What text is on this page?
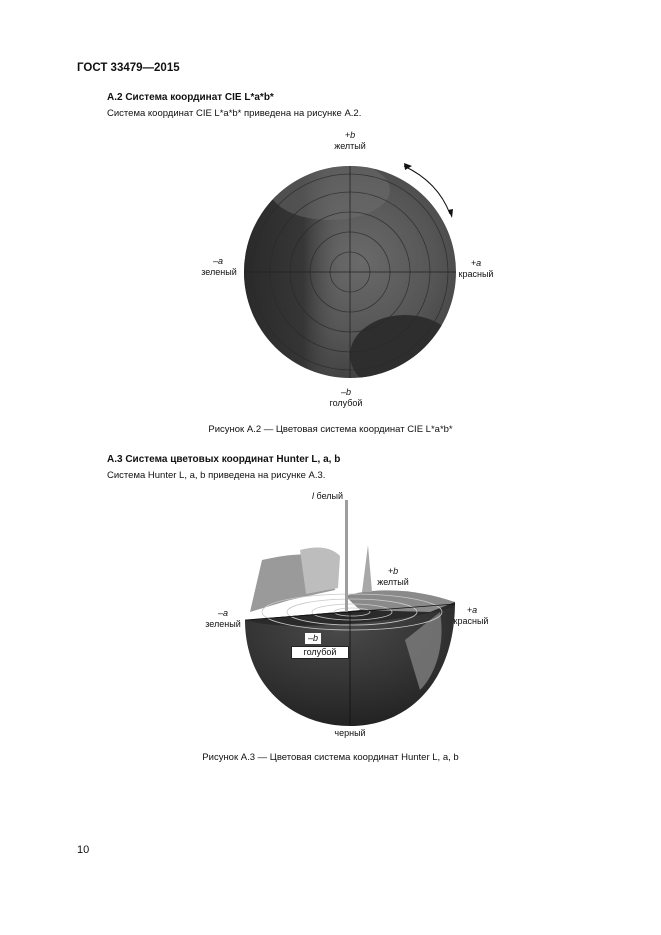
ГОСТ 33479—2015
А.2 Система координат CIE L*a*b*
Система координат CIE L*a*b* приведена на рисунке А.2.
+b
желтый
–a
зеленый
+a
красный
–b
голубой
Рисунок А.2 — Цветовая система координат CIE L*a*b*
А.3 Система цветовых координат Hunter L, a, b
Система Hunter L, a, b приведена на рисунке А.3.
l белый
+b
желтый
–a
зеленый
+a
красный
–b
голубой
черный
Рисунок А.3 — Цветовая система координат Hunter L, a, b
10
